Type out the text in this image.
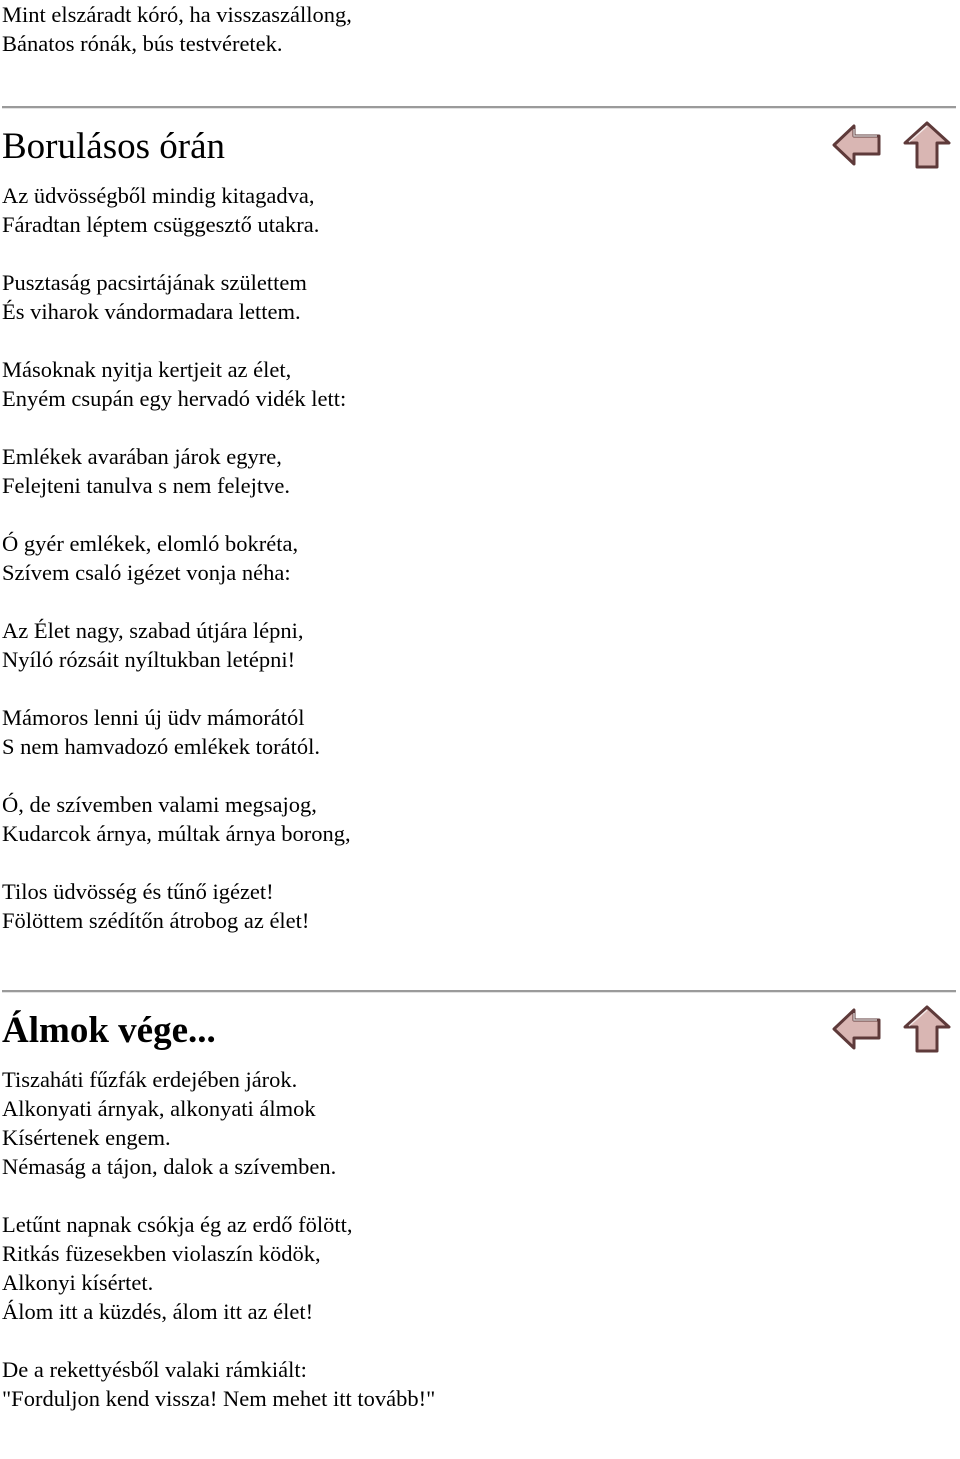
Mint elszáradt kóró, ha visszaszállong,
Bánatos rónák, bús testvéretek.
Borulásos órán
Az üdvösségből mindig kitagadva,
Fáradtan léptem csüggesztő utakra.
Pusztaság pacsirtájának születtem
És viharok vándormadara lettem.
Másoknak nyitja kertjeit az élet,
Enyém csupán egy hervadó vidék lett:
Emlékek avarában járok egyre,
Felejteni tanulva s nem felejtve.
Ó gyér emlékek, elomló bokréta,
Szívem csaló igézet vonja néha:
Az Élet nagy, szabad útjára lépni,
Nyíló rózsáit nyíltukban letépni!
Mámoros lenni új üdv mámorától
S nem hamvadozó emlékek torától.
Ó, de szívemben valami megsajog,
Kudarcok árnya, múltak árnya borong,
Tilos üdvösség és tűnő igézet!
Fölöttem szédítőn átrobog az élet!
Álmok vége...
Tiszaháti fűzfák erdejében járok.
Alkonyati árnyak, alkonyati álmok
Kísértenek engem.
Némaság a tájon, dalok a szívemben.
Letűnt napnak csókja ég az erdő fölött,
Ritkás füzesekben violaszín ködök,
Alkonyi kísértet.
Álom itt a küzdés, álom itt az élet!
De a rekettyésből valaki rámkiált:
"Forduljon kend vissza! Nem mehet itt tovább!"
